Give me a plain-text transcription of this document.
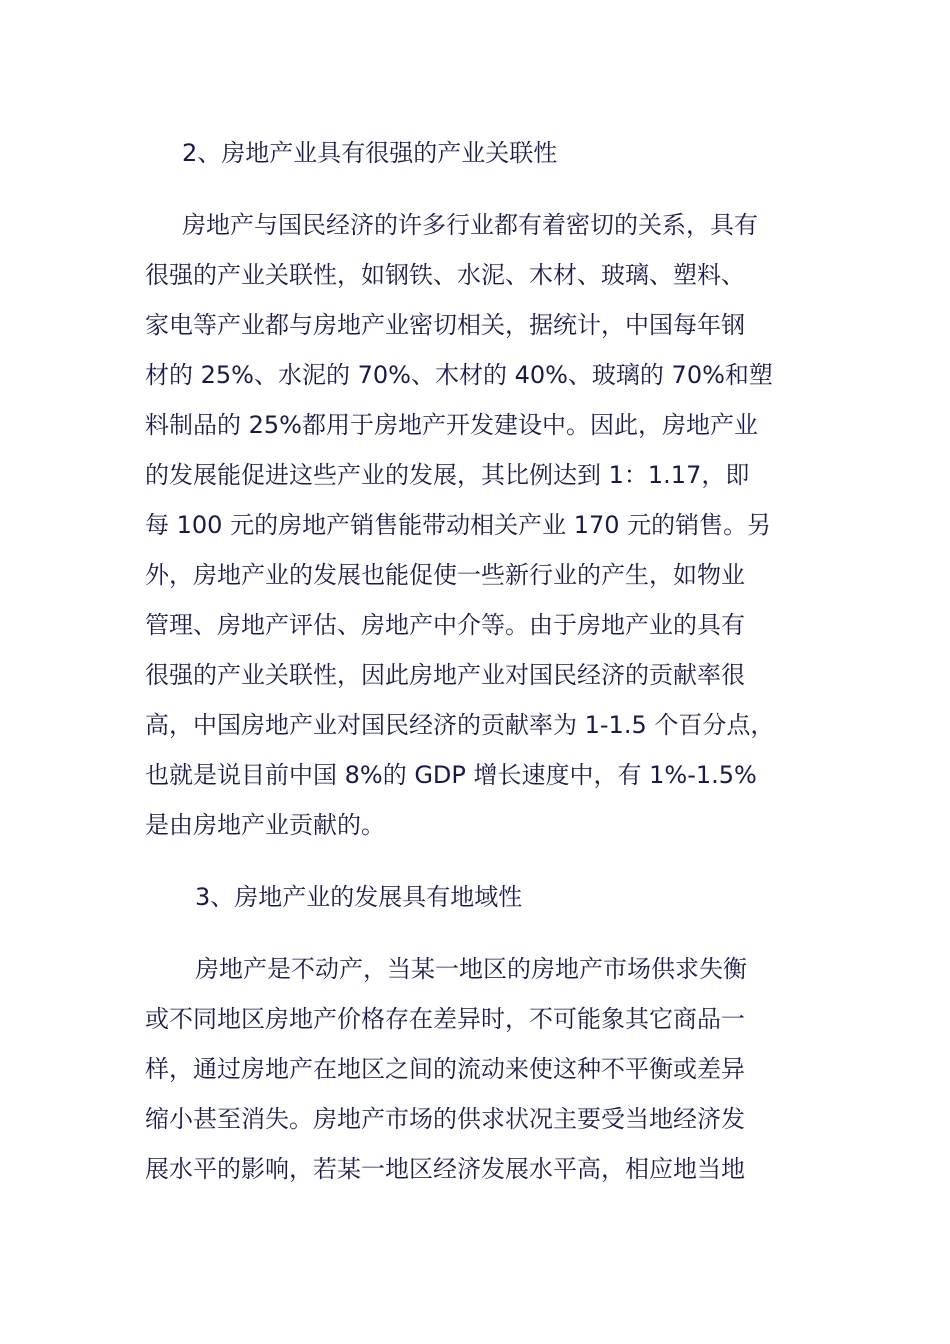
2、房地产业具有很强的产业关联性

房地产与国民经济的许多行业都有着密切的关系，具有
很强的产业关联性，如钢铁、水泥、木材、玻璃、塑料、
家电等产业都与房地产业密切相关，据统计，中国每年钢
材的 25%、水泥的 70%、木材的 40%、玻璃的 70%和塑
料制品的 25%都用于房地产开发建设中。因此，房地产业
的发展能促进这些产业的发展，其比例达到 1：1.17，即
每 100 元的房地产销售能带动相关产业 170 元的销售。另
外，房地产业的发展也能促使一些新行业的产生，如物业
管理、房地产评估、房地产中介等。由于房地产业的具有
很强的产业关联性，因此房地产业对国民经济的贡献率很
高，中国房地产业对国民经济的贡献率为 1-1.5 个百分点，
也就是说目前中国 8%的 GDP 增长速度中，有 1%-1.5%
是由房地产业贡献的。

3、房地产业的发展具有地域性

房地产是不动产，当某一地区的房地产市场供求失衡
或不同地区房地产价格存在差异时，不可能象其它商品一
样，通过房地产在地区之间的流动来使这种不平衡或差异
缩小甚至消失。房地产市场的供求状况主要受当地经济发
展水平的影响，若某一地区经济发展水平高，相应地当地
